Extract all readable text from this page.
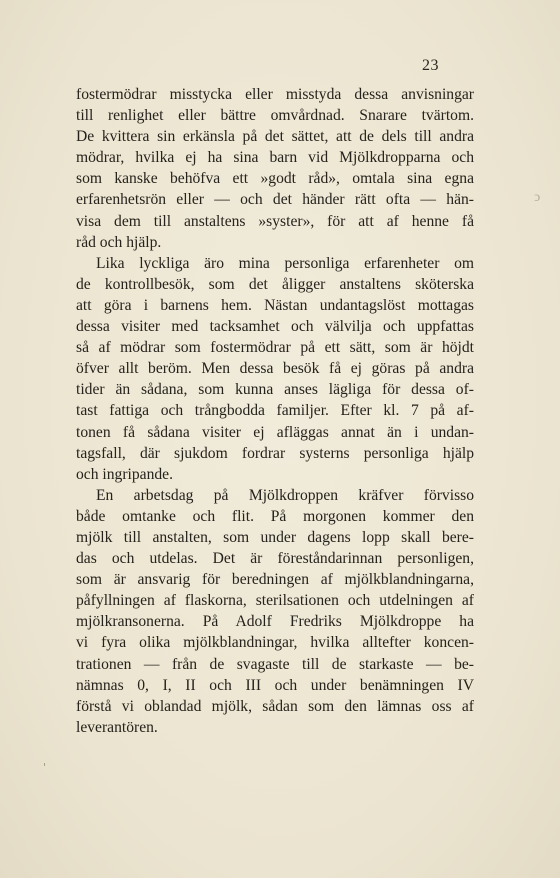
23
fostermödrar misstycka eller misstyda dessa anvisningar
till renlighet eller bättre omvårdnad. Snarare tvärtom.
De kvittera sin erkänsla på det sättet, att de dels till andra
mödrar, hvilka ej ha sina barn vid Mjölkdropparna och
som kanske behöfva ett »godt råd», omtala sina egna
erfarenhetsrön eller — och det händer rätt ofta — hän-
visa dem till anstaltens »syster», för att af henne få
råd och hjälp.
Lika lyckliga äro mina personliga erfarenheter om
de kontrollbesök, som det åligger anstaltens sköterska
att göra i barnens hem. Nästan undantagslöst mottagas
dessa visiter med tacksamhet och välvilja och uppfattas
så af mödrar som fostermödrar på ett sätt, som är höjdt
öfver allt beröm. Men dessa besök få ej göras på andra
tider än sådana, som kunna anses lägliga för dessa of-
tast fattiga och trångbodda familjer. Efter kl. 7 på af-
tonen få sådana visiter ej afläggas annat än i undan-
tagsfall, där sjukdom fordrar systerns personliga hjälp
och ingripande.
En arbetsdag på Mjölkdroppen kräfver förvisso
både omtanke och flit. På morgonen kommer den
mjölk till anstalten, som under dagens lopp skall bere-
das och utdelas. Det är föreståndarinnan personligen,
som är ansvarig för beredningen af mjölkblandningarna,
påfyllningen af flaskorna, sterilsationen och utdelningen af
mjölkransonerna. På Adolf Fredriks Mjölkdroppe ha
vi fyra olika mjölkblandningar, hvilka alltefter koncen-
trationen — från de svagaste till de starkaste — be-
nämnas 0, I, II och III och under benämningen IV
förstå vi oblandad mjölk, sådan som den lämnas oss af
leverantören.
ͻ
